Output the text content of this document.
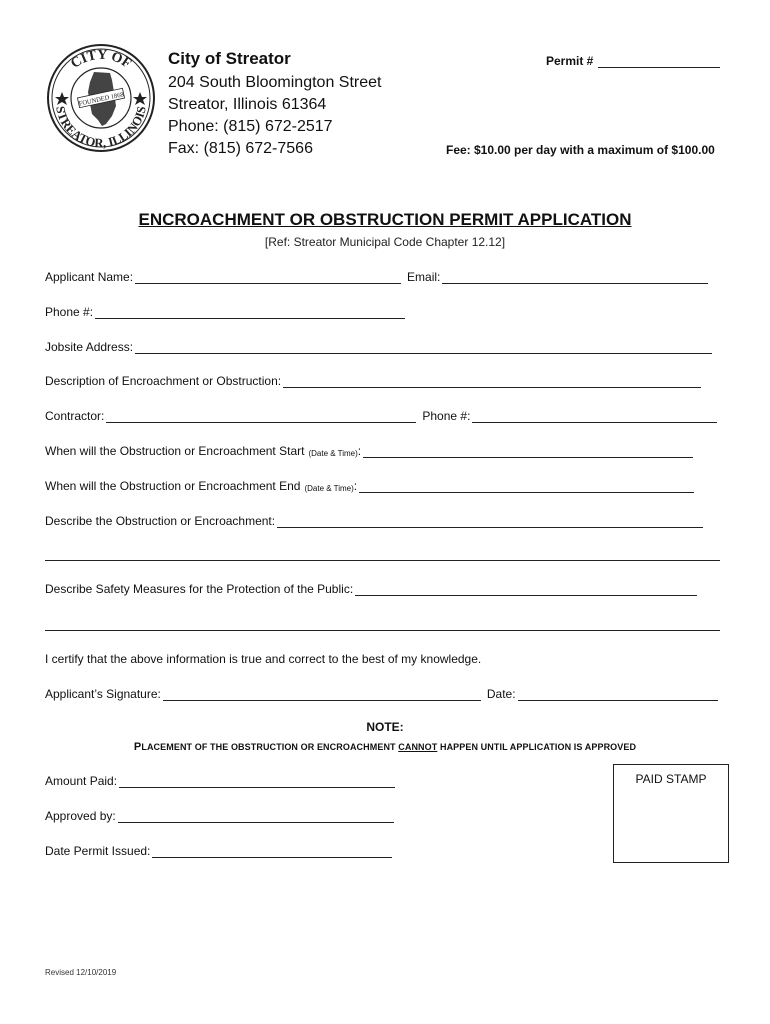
CITY OF
STREATOR, ILLINOIS
FOUNDED 1868
City of Streator
204 South Bloomington Street
Streator, Illinois 61364
Phone: (815) 672-2517
Fax: (815) 672-7566
Permit #
Fee: $10.00 per day with a maximum of $100.00
ENCROACHMENT OR OBSTRUCTION PERMIT APPLICATION
[Ref: Streator Municipal Code Chapter 12.12]
Applicant Name:	Email:
Phone #:
Jobsite Address:
Description of Encroachment or Obstruction:
Contractor:	Phone #:
When will the Obstruction or Encroachment Start (Date & Time) :
When will the Obstruction or Encroachment End (Date & Time) :
Describe the Obstruction or Encroachment:
Describe Safety Measures for the Protection of the Public:
I certify that the above information is true and correct to the best of my knowledge.
Applicant’s Signature:	Date:
NOTE:
PLACEMENT OF THE OBSTRUCTION OR ENCROACHMENT CANNOT HAPPEN UNTIL APPLICATION IS APPROVED
Amount Paid:
Approved by:
Date Permit Issued:
PAID STAMP
Revised 12/10/2019
